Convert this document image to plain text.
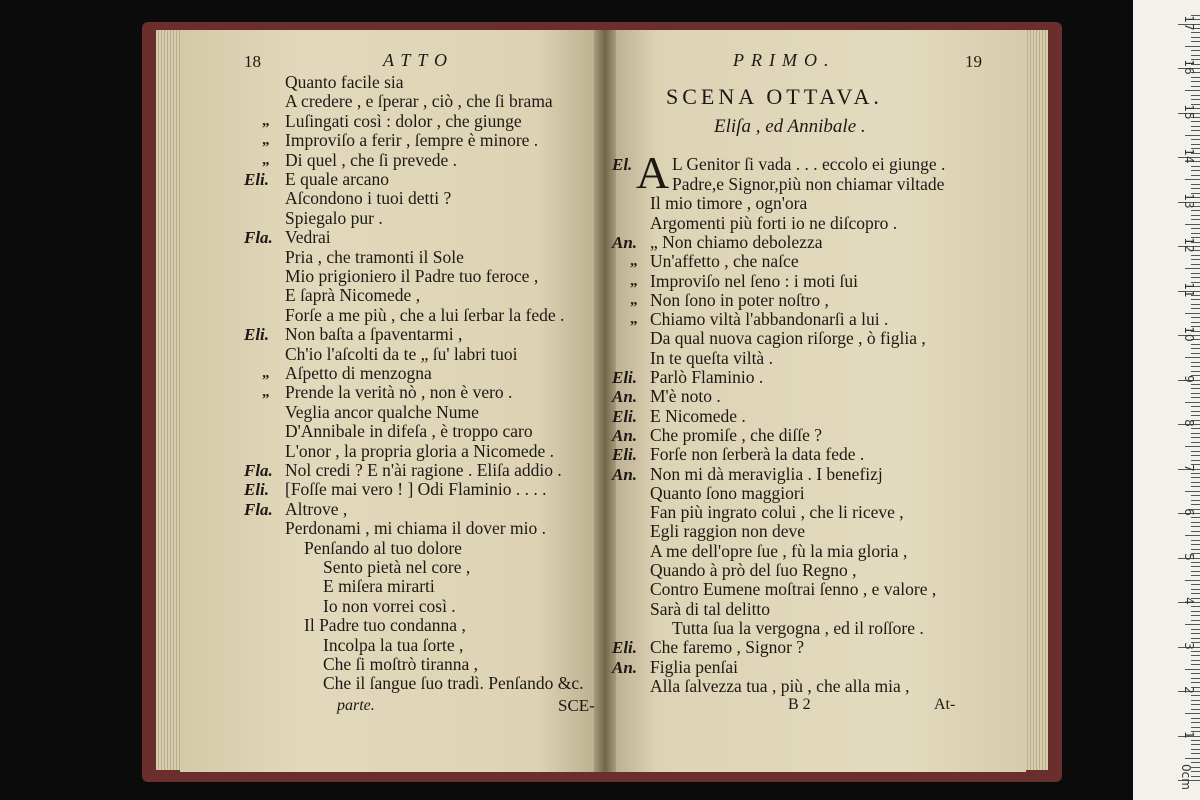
18	ATTO
parte.	SCE-
PRIMO.	19
SCENA OTTAVA.
Eliſa , ed Annibale .
El. A L Genitor ſi vada . . . eccolo ei giunge .
B 2	At-
1
2
3
4
5
6
7
8
9
10
11
12
13
14
15
16
17
0cm
Quanto facile sia
A credere , e ſperar , ciò , che ſi brama
„ Luſingati così : dolor , che giunge
„ Improviſo a ferir , ſempre è minore .
„ Di quel , che ſi prevede .
Eli. E quale arcano
Aſcondono i tuoi detti ?
Spiegalo pur .
Fla. Vedrai
Pria , che tramonti il Sole
Mio prigioniero il Padre tuo feroce ,
E ſaprà Nicomede ,
Forſe a me più , che a lui ſerbar la fede .
Eli. Non baſta a ſpaventarmi ,
Ch'io l'aſcolti da te „ ſu' labri tuoi
„ Aſpetto di menzogna
„ Prende la verità nò , non è vero .
Veglia ancor qualche Nume
D'Annibale in difeſa , è troppo caro
L'onor , la propria gloria a Nicomede .
Fla. Nol credi ? E n'ài ragione . Eliſa addio .
Eli. [Foſſe mai vero ! ] Odi Flaminio . . . .
Fla. Altrove ,
Perdonami , mi chiama il dover mio .
Penſando al tuo dolore
Sento pietà nel core ,
E miſera mirarti
Io non vorrei così .
Il Padre tuo condanna ,
Incolpa la tua ſorte ,
Che ſi moſtrò tiranna ,
Che il ſangue ſuo tradì. Penſando &c.
Padre,e Signor,più non chiamar viltade
Il mio timore , ogn'ora
Argomenti più forti io ne diſcopro .
An. „ Non chiamo debolezza
„ Un'affetto , che naſce
„ Improviſo nel ſeno : i moti ſui
„ Non ſono in poter noſtro ,
„ Chiamo viltà l'abbandonarſi a lui .
Da qual nuova cagion riſorge , ò figlia ,
In te queſta viltà .
Eli. Parlò Flaminio .
An. M'è noto .
Eli. E Nicomede .
An. Che promiſe , che diſſe ?
Eli. Forſe non ſerberà la data fede .
An. Non mi dà meraviglia . I benefizj
Quanto ſono maggiori
Fan più ingrato colui , che li riceve ,
Egli raggion non deve
A me dell'opre ſue , fù la mia gloria ,
Quando à prò del ſuo Regno ,
Contro Eumene moſtrai ſenno , e valore ,
Sarà di tal delitto
Tutta ſua la vergogna , ed il roſſore .
Eli. Che faremo , Signor ?
An. Figlia penſai
Alla ſalvezza tua , più , che alla mia ,
